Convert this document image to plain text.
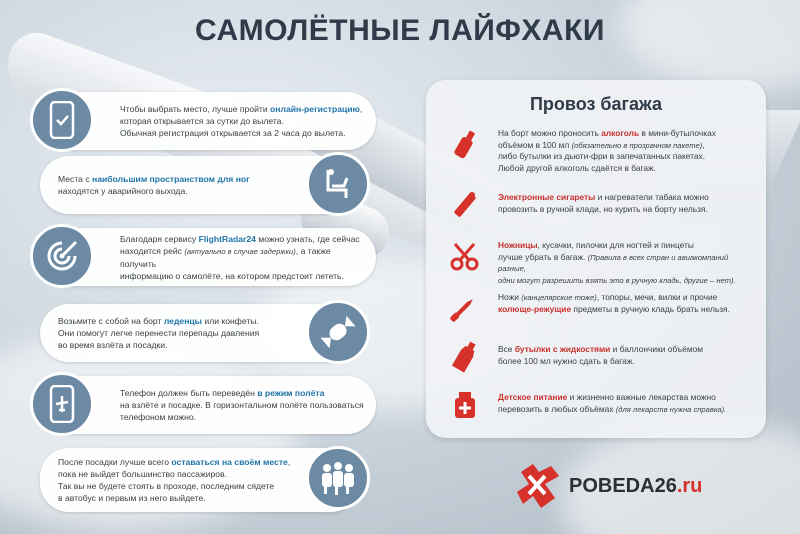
САМОЛЁТНЫЕ ЛАЙФХАКИ
Чтобы выбрать место, лучше пройти онлайн-регистрацию,
которая открывается за сутки до вылета.
Обычная регистрация открывается за 2 часа до вылета.
Места с наибольшим пространством для ног
находятся у аварийного выхода.
Благодаря сервису FlightRadar24 можно узнать, где сейчас
находится рейс (актуально в случае задержки), а также получить
информацию о самолёте, на котором предстоит лететь.
Возьмите с собой на борт леденцы или конфеты.
Они помогут легче перенести перепады давления
во время взлёта и посадки.
Телефон должен быть переведён в режим полёта
на взлёте и посадке. В горизонтальном полёте пользоваться
телефоном можно.
После посадки лучше всего оставаться на своём месте,
пока не выйдет большинство пассажиров.
Так вы не будете стоять в проходе, последним сядете
в автобус и первым из него выйдете.
Провоз багажа
На борт можно проносить алкоголь в мини-бутылочках
объёмом в 100 мл (обязательно в прозрачном пакете),
либо бутылки из дьюти-фри в запечатанных пакетах.
Любой другой алкоголь сдаётся в багаж.
Электронные сигареты и нагреватели табака можно
провозить в ручной клади, но курить на борту нельзя.
Ножницы, кусачки, пилочки для ногтей и пинцеты
лучше убрать в багаж. (Правила в всех стран и авиакомпаний разные,
одни могут разрешить взять это в ручную кладь, другие – нет).
Ножи (канцелярские тоже), топоры, мечи, вилки и прочие
колюще-режущие предметы в ручную кладь брать нельзя.
Все бутылки с жидкостями и баллончики объёмом
более 100 мл нужно сдать в багаж.
Детское питание и жизненно важные лекарства можно
перевозить в любых объёмах (для лекарств нужна справка).
POBEDA26.ru
